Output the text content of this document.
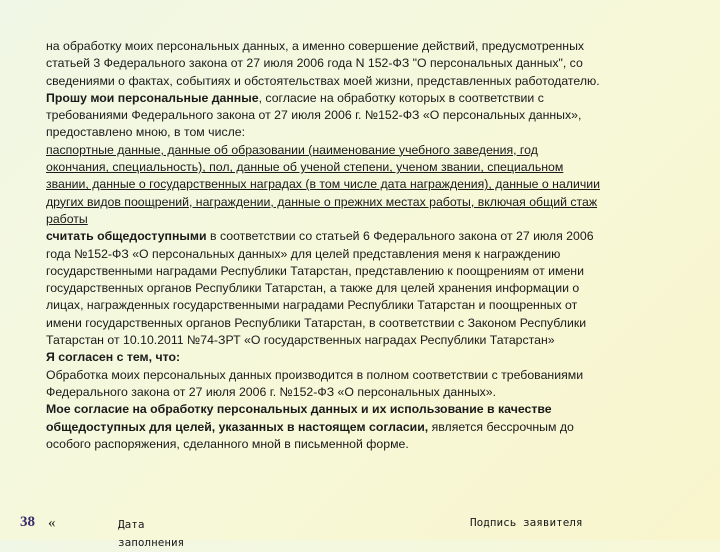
на обработку моих персональных данных, а именно совершение действий, предусмотренных
статьей 3 Федерального закона от 27 июля 2006 года N 152-ФЗ "О персональных данных", со
сведениями о фактах, событиях и обстоятельствах моей жизни, представленных работодателю.
Прошу мои персональные данные, согласие на обработку которых в соответствии с
требованиями Федерального закона от 27 июля 2006 г. №152-ФЗ «О персональных данных»,
предоставлено мною, в том числе:
паспортные данные, данные об образовании (наименование учебного заведения, год
окончания, специальность), пол, данные об ученой степени, ученом звании, специальном
звании, данные о государственных наградах (в том числе дата награждения), данные о наличии
других видов поощрений, награждении, данные о прежних местах работы, включая общий стаж
работы
считать общедоступными в соответствии со статьей 6 Федерального закона от 27 июля 2006
года №152-ФЗ «О персональных данных» для целей представления меня к награждению
государственными наградами Республики Татарстан, представлению к поощрениям от имени
государственных органов Республики Татарстан, а также для целей хранения информации о
лицах, награжденных государственными наградами Республики Татарстан и поощренных от
имени государственных органов Республики Татарстан, в соответствии с Законом Республики
Татарстан от 10.10.2011 №74-ЗРТ «О государственных наградах Республики Татарстан»
Я согласен с тем, что:
Обработка моих персональных данных производится в полном соответствии с требованиями
Федерального закона от 27 июля 2006 г. №152-ФЗ «О персональных данных».
Мое согласие на обработку персональных данных и их использование в качестве
общедоступных для целей, указанных в настоящем согласии, является бессрочным до
особого распоряжения, сделанного мной в письменной форме.
38 «	Дата заполнения
Подпись заявителя
